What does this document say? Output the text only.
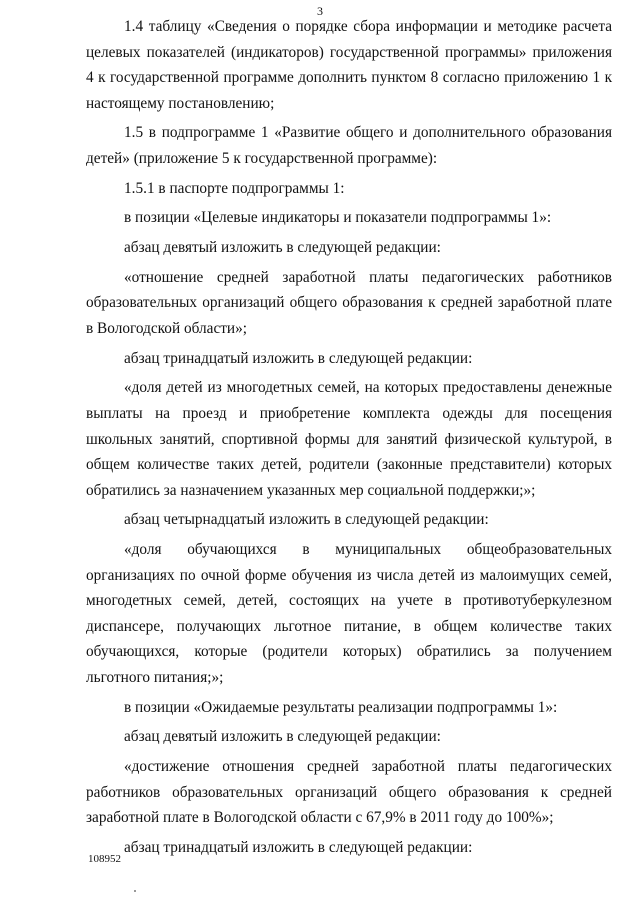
3

1.4 таблицу «Сведения о порядке сбора информации и методике расчета целевых показателей (индикаторов) государственной программы» приложения 4 к государственной программе дополнить пунктом 8 согласно приложению 1 к настоящему постановлению;

1.5 в подпрограмме 1 «Развитие общего и дополнительного образования детей» (приложение 5 к государственной программе):

1.5.1 в паспорте подпрограммы 1:

в позиции «Целевые индикаторы и показатели подпрограммы 1»:

абзац девятый изложить в следующей редакции:

«отношение средней заработной платы педагогических работников образовательных организаций общего образования к средней заработной плате в Вологодской области»;

абзац тринадцатый изложить в следующей редакции:

«доля детей из многодетных семей, на которых предоставлены денежные выплаты на проезд и приобретение комплекта одежды для посещения школьных занятий, спортивной формы для занятий физической культурой, в общем количестве таких детей, родители (законные представители) которых обратились за назначением указанных мер социальной поддержки;»;

абзац четырнадцатый изложить в следующей редакции:

«доля обучающихся в муниципальных общеобразовательных организациях по очной форме обучения из числа детей из малоимущих семей, многодетных семей, детей, состоящих на учете в противотуберкулезном диспансере, получающих льготное питание, в общем количестве таких обучающихся, которые (родители которых) обратились за получением льготного питания;»;

в позиции «Ожидаемые результаты реализации подпрограммы 1»:

абзац девятый изложить в следующей редакции:

«достижение отношения средней заработной платы педагогических работников образовательных организаций общего образования к средней заработной плате в Вологодской области с 67,9% в 2011 году до 100%»;

абзац тринадцатый изложить в следующей редакции:

108952
